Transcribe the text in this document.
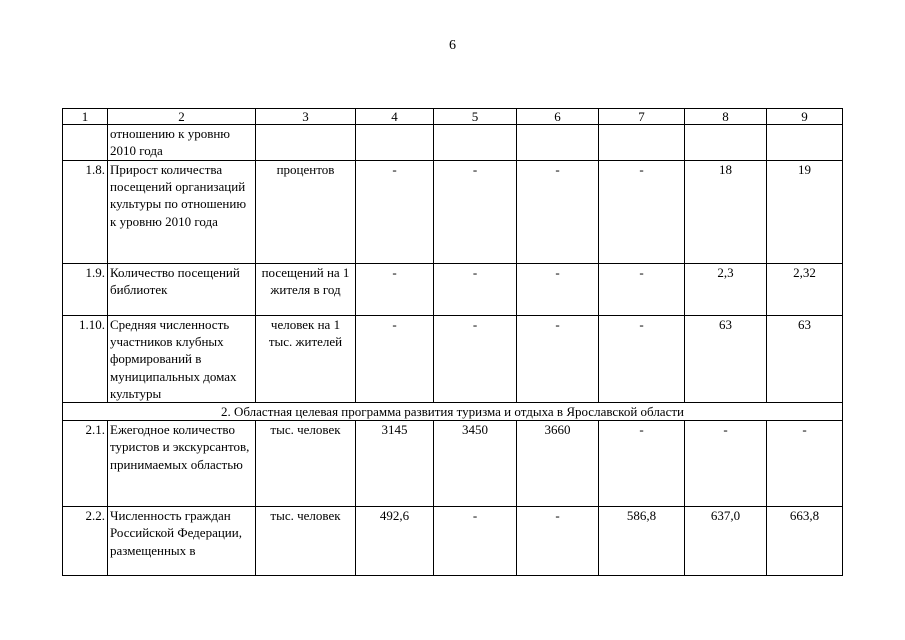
6
1	2	3	4	5	6	7	8	9
	отношению к уровню 2010 года							
1.8.	Прирост количества посещений организаций культуры по отношению к уровню 2010 года	процентов	-	-	-	-	18	19
1.9.	Количество посещений библиотек	посещений на 1 жителя в год	-	-	-	-	2,3	2,32
1.10.	Средняя численность участников клубных формирований в муниципальных домах культуры	человек на 1 тыс. жителей	-	-	-	-	63	63
2. Областная целевая программа развития туризма и отдыха в Ярославской области								
2.1.	Ежегодное количество туристов и экскурсантов, принимаемых областью	тыс. человек	3145	3450	3660	-	-	-
2.2.	Численность граждан Российской Федерации, размещенных в	тыс. человек	492,6	-	-	586,8	637,0	663,8
